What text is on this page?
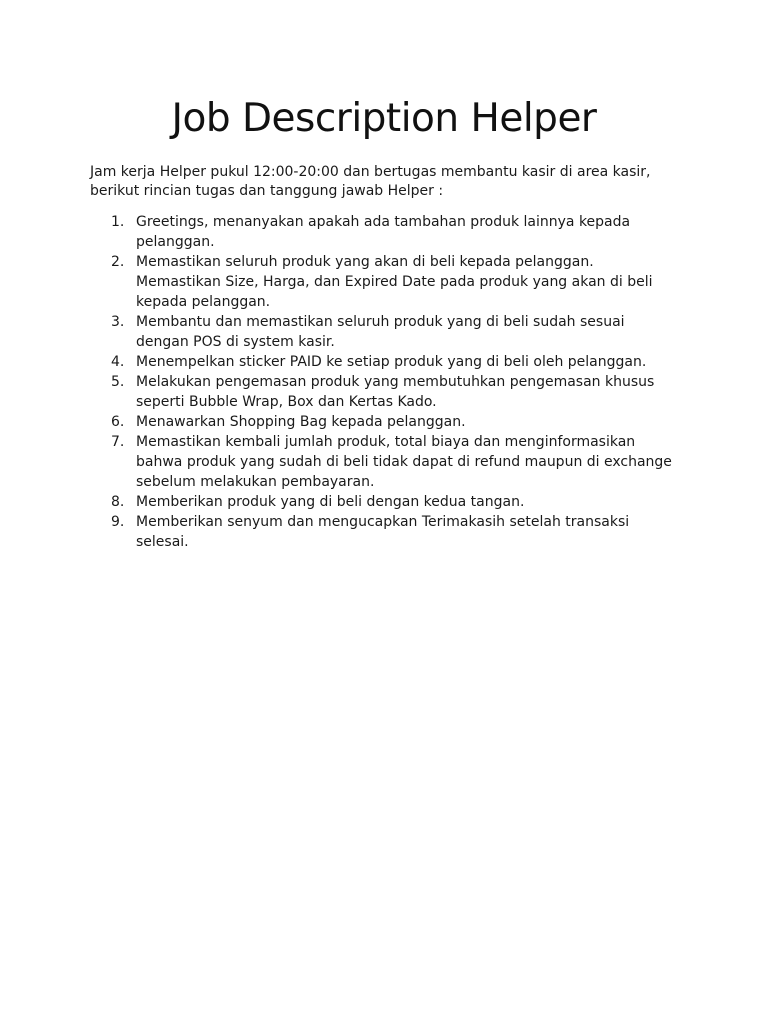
Job Description Helper

Jam kerja Helper pukul 12:00-20:00 dan bertugas membantu kasir di area kasir, berikut rincian tugas dan tanggung jawab Helper :

1. Greetings, menanyakan apakah ada tambahan produk lainnya kepada pelanggan.
2. Memastikan seluruh produk yang akan di beli kepada pelanggan. Memastikan Size, Harga, dan Expired Date pada produk yang akan di beli kepada pelanggan.
3. Membantu dan memastikan seluruh produk yang di beli sudah sesuai dengan POS di system kasir.
4. Menempelkan sticker PAID ke setiap produk yang di beli oleh pelanggan.
5. Melakukan pengemasan produk yang membutuhkan pengemasan khusus seperti Bubble Wrap, Box dan Kertas Kado.
6. Menawarkan Shopping Bag kepada pelanggan.
7. Memastikan kembali jumlah produk, total biaya dan menginformasikan bahwa produk yang sudah di beli tidak dapat di refund maupun di exchange sebelum melakukan pembayaran.
8. Memberikan produk yang di beli dengan kedua tangan.
9. Memberikan senyum dan mengucapkan Terimakasih setelah transaksi selesai.
